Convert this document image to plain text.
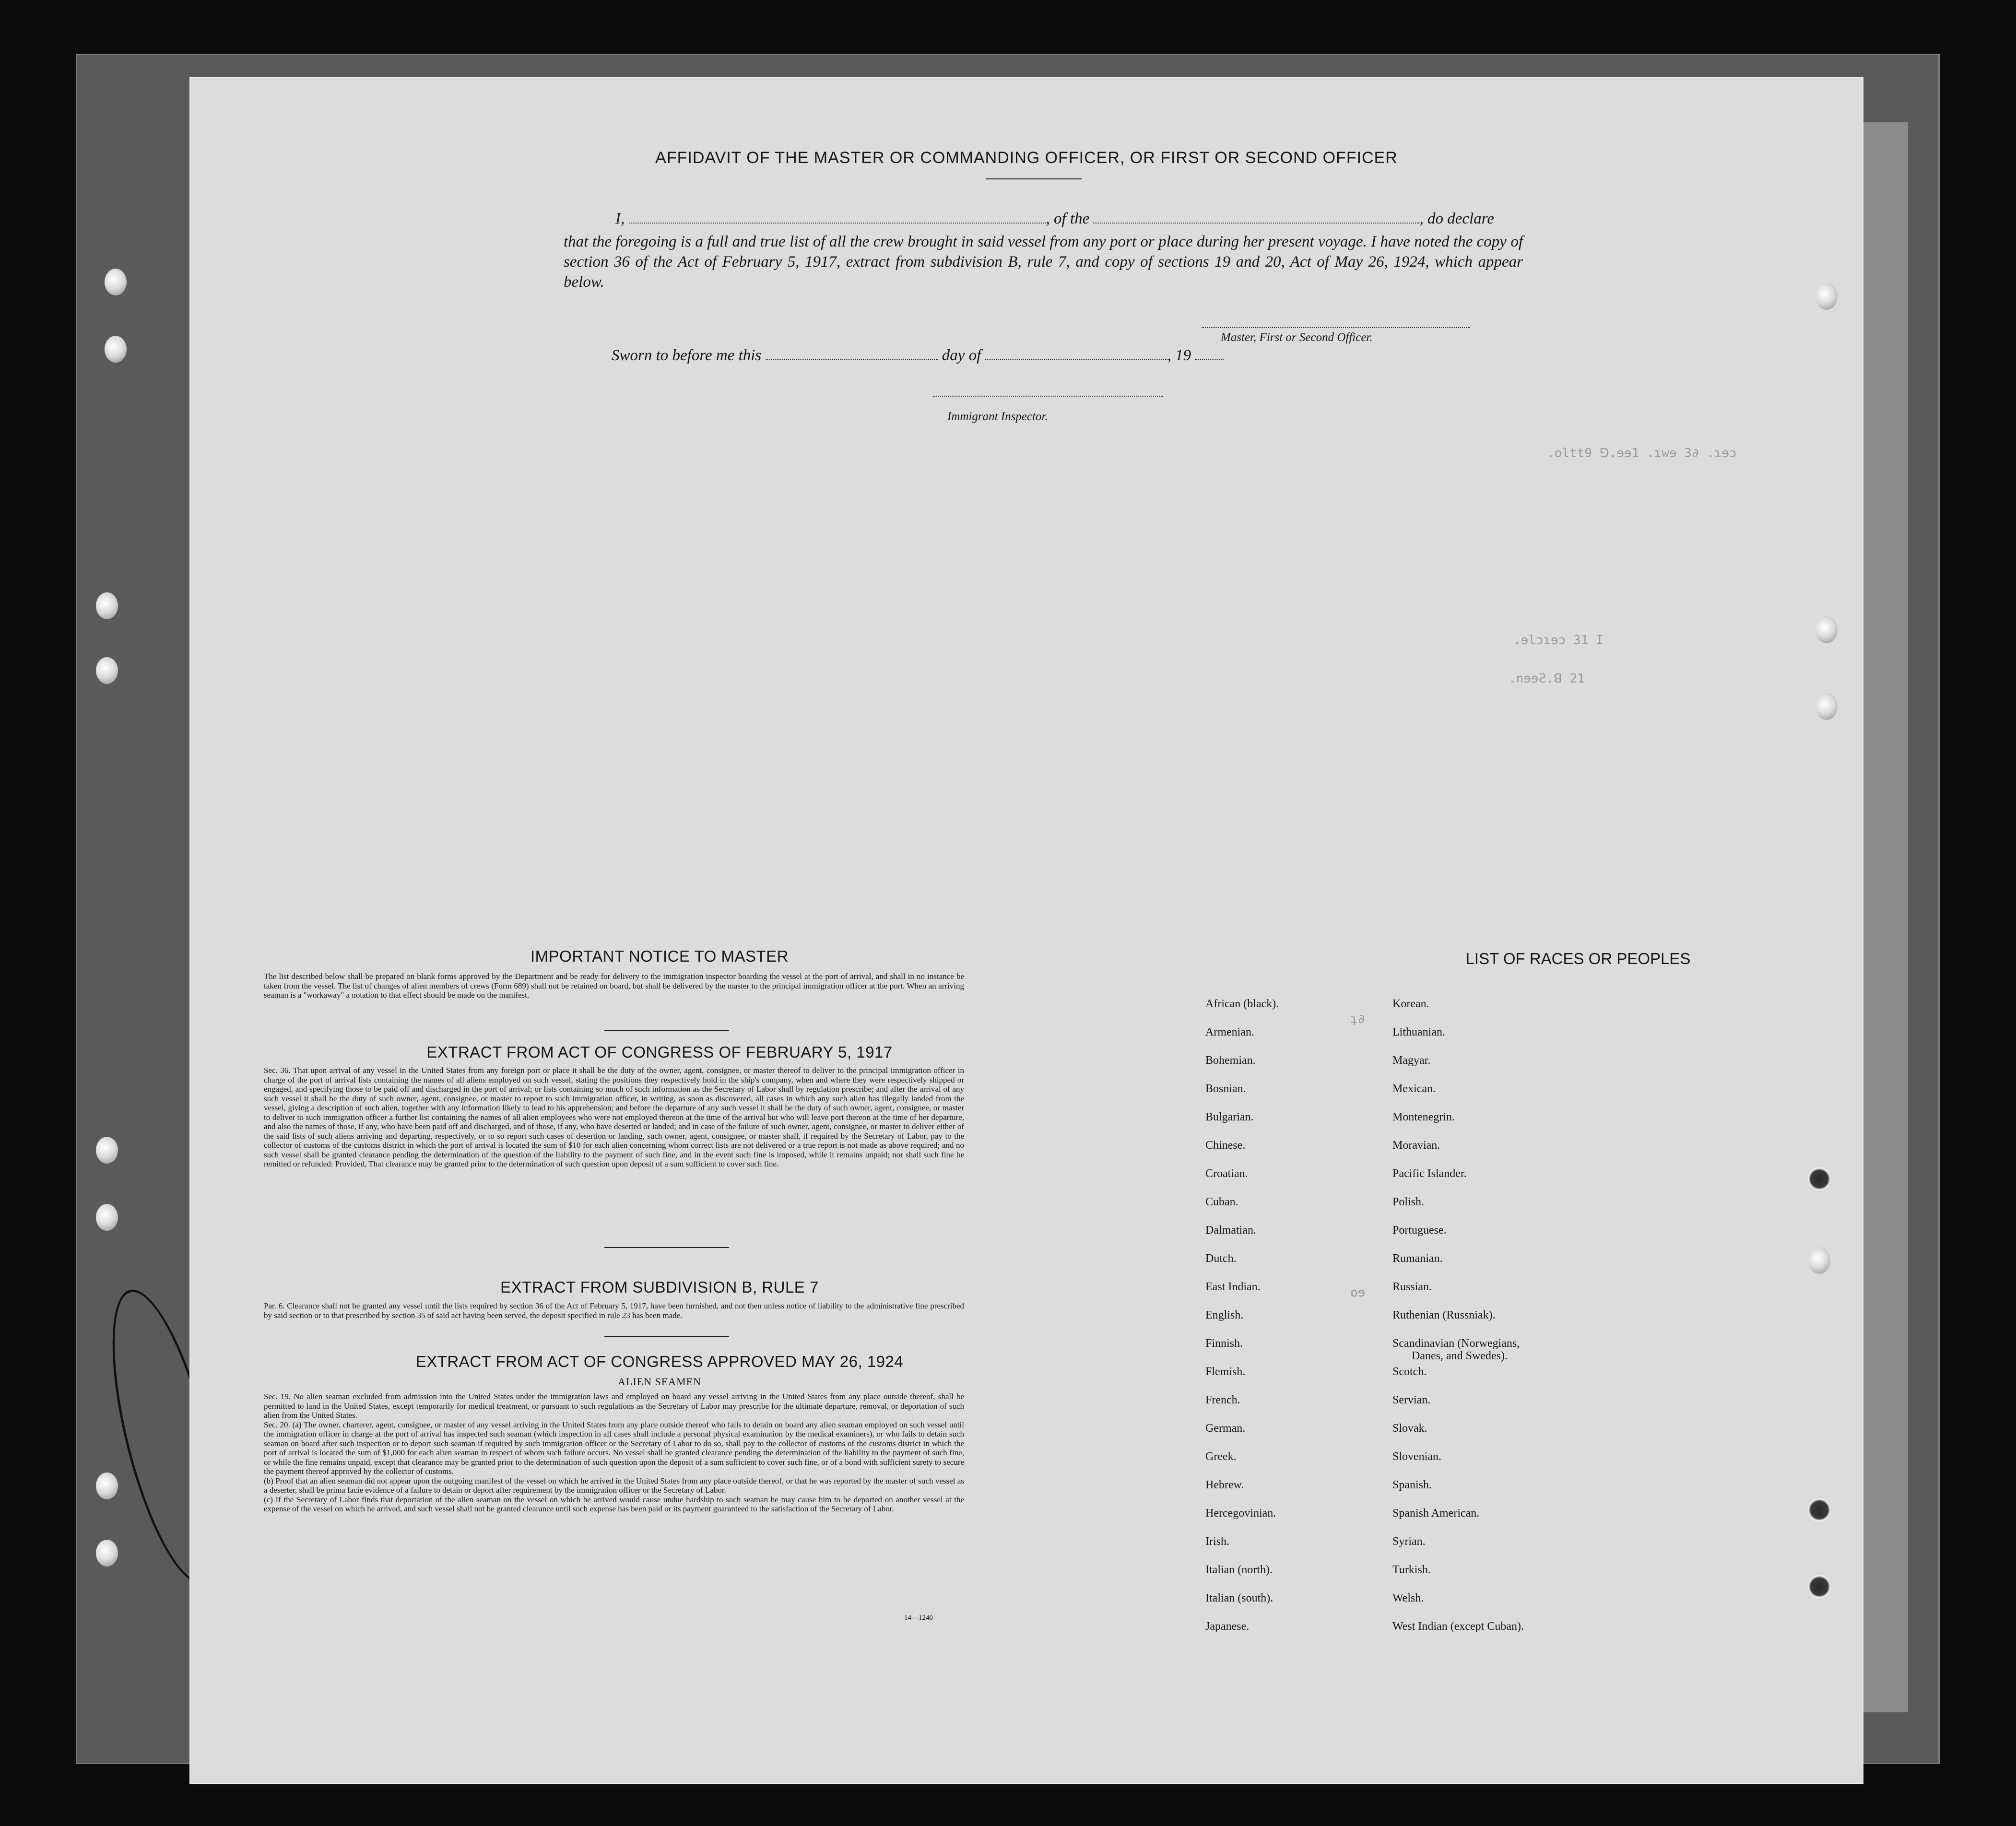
.oltt9 ⅁.ɘɘ1 .ɿwɘ 3∂ .ɿɘɔ
.ɘlɔɿɘɔ 31 I
.nɘɘƧ.ꓭ 21
ʇ∂
ɒɘ
AFFIDAVIT OF THE MASTER OR COMMANDING OFFICER, OR FIRST OR SECOND OFFICER
I,	, of the	, do declare
that the foregoing is a full and true list of all the crew brought in said vessel from any port or place during her present voyage. I have noted the copy of section 36 of the Act of February 5, 1917, extract from subdivision B, rule 7, and copy of sections 19 and 20, Act of May 26, 1924, which appear below.
Master, First or Second Officer.
Sworn to before me this	day of	, 19
Immigrant Inspector.
IMPORTANT NOTICE TO MASTER
The list described below shall be prepared on blank forms approved by the Department and be ready for delivery to the immigration inspector boarding the vessel at the port of arrival, and shall in no instance be taken from the vessel. The list of changes of alien members of crews (Form 689) shall not be retained on board, but shall be delivered by the master to the principal immigration officer at the port. When an arriving seaman is a "workaway" a notation to that effect should be made on the manifest.
EXTRACT FROM ACT OF CONGRESS OF FEBRUARY 5, 1917
Sec. 36. That upon arrival of any vessel in the United States from any foreign port or place it shall be the duty of the owner, agent, consignee, or master thereof to deliver to the principal immigration officer in charge of the port of arrival lists containing the names of all aliens employed on such vessel, stating the positions they respectively hold in the ship's company, when and where they were respectively shipped or engaged, and specifying those to be paid off and discharged in the port of arrival; or lists containing so much of such information as the Secretary of Labor shall by regulation prescribe; and after the arrival of any such vessel it shall be the duty of such owner, agent, consignee, or master to report to such immigration officer, in writing, as soon as discovered, all cases in which any such alien has illegally landed from the vessel, giving a description of such alien, together with any information likely to lead to his apprehension; and before the departure of any such vessel it shall be the duty of such owner, agent, consignee, or master to deliver to such immigration officer a further list containing the names of all alien employees who were not employed thereon at the time of the arrival but who will leave port thereon at the time of her departure, and also the names of those, if any, who have been paid off and discharged, and of those, if any, who have deserted or landed; and in case of the failure of such owner, agent, consignee, or master to deliver either of the said lists of such aliens arriving and departing, respectively, or to so report such cases of desertion or landing, such owner, agent, consignee, or master shall, if required by the Secretary of Labor, pay to the collector of customs of the customs district in which the port of arrival is located the sum of $10 for each alien concerning whom correct lists are not delivered or a true report is not made as above required; and no such vessel shall be granted clearance pending the determination of the question of the liability to the payment of such fine, and in the event such fine is imposed, while it remains unpaid; nor shall such fine be remitted or refunded: Provided, That clearance may be granted prior to the determination of such question upon deposit of a sum sufficient to cover such fine.
EXTRACT FROM SUBDIVISION B, RULE 7
Par. 6. Clearance shall not be granted any vessel until the lists required by section 36 of the Act of February 5, 1917, have been furnished, and not then unless notice of liability to the administrative fine prescribed by said section or to that prescribed by section 35 of said act having been served, the deposit specified in rule 23 has been made.
EXTRACT FROM ACT OF CONGRESS APPROVED MAY 26, 1924
ALIEN SEAMEN
Sec. 19. No alien seaman excluded from admission into the United States under the immigration laws and employed on board any vessel arriving in the United States from any place outside thereof, shall be permitted to land in the United States, except temporarily for medical treatment, or pursuant to such regulations as the Secretary of Labor may prescribe for the ultimate departure, removal, or deportation of such alien from the United States.
Sec. 20. (a) The owner, charterer, agent, consignee, or master of any vessel arriving in the United States from any place outside thereof who fails to detain on board any alien seaman employed on such vessel until the immigration officer in charge at the port of arrival has inspected such seaman (which inspection in all cases shall include a personal physical examination by the medical examiners), or who fails to detain such seaman on board after such inspection or to deport such seaman if required by such immigration officer or the Secretary of Labor to do so, shall pay to the collector of customs of the customs district in which the port of arrival is located the sum of $1,000 for each alien seaman in respect of whom such failure occurs. No vessel shall be granted clearance pending the determination of the liability to the payment of such fine, or while the fine remains unpaid, except that clearance may be granted prior to the determination of such question upon the deposit of a sum sufficient to cover such fine, or of a bond with sufficient surety to secure the payment thereof approved by the collector of customs.
(b) Proof that an alien seaman did not appear upon the outgoing manifest of the vessel on which he arrived in the United States from any place outside thereof, or that he was reported by the master of such vessel as a deserter, shall be prima facie evidence of a failure to detain or deport after requirement by the immigration officer or the Secretary of Labor.
(c) If the Secretary of Labor finds that deportation of the alien seaman on the vessel on which he arrived would cause undue hardship to such seaman he may cause him to be deported on another vessel at the expense of the vessel on which he arrived, and such vessel shall not be granted clearance until such expense has been paid or its payment guaranteed to the satisfaction of the Secretary of Labor.
14—1240
LIST OF RACES OR PEOPLES
African (black).
Armenian.
Bohemian.
Bosnian.
Bulgarian.
Chinese.
Croatian.
Cuban.
Dalmatian.
Dutch.
East Indian.
English.
Finnish.
Flemish.
French.
German.
Greek.
Hebrew.
Hercegovinian.
Irish.
Italian (north).
Italian (south).
Japanese.
Korean.
Lithuanian.
Magyar.
Mexican.
Montenegrin.
Moravian.
Pacific Islander.
Polish.
Portuguese.
Rumanian.
Russian.
Ruthenian (Russniak).
Scandinavian (Norwegians,
Danes, and Swedes).
Scotch.
Servian.
Slovak.
Slovenian.
Spanish.
Spanish American.
Syrian.
Turkish.
Welsh.
West Indian (except Cuban).
